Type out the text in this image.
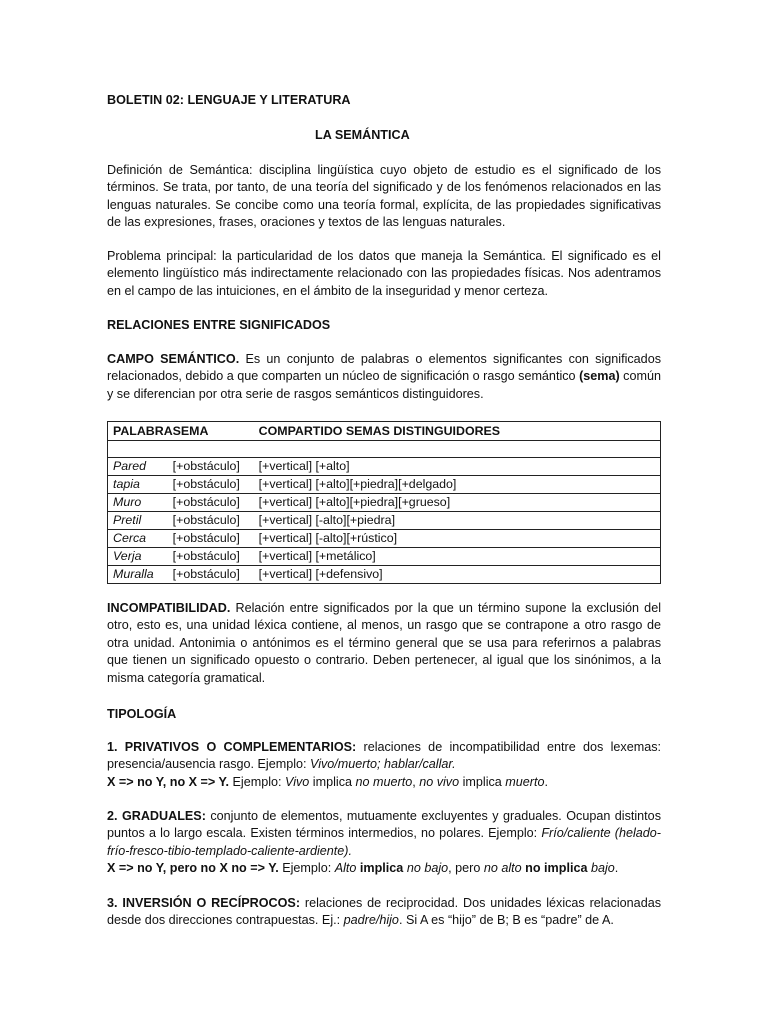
BOLETIN 02: LENGUAJE Y LITERATURA
LA SEMÁNTICA

Definición de Semántica: disciplina lingüística cuyo objeto de estudio es el significado de los términos. Se trata, por tanto, de una teoría del significado y de los fenómenos relacionados en las lenguas naturales. Se concibe como una teoría formal, explícita, de las propiedades significativas de las expresiones, frases, oraciones y textos de las lenguas naturales.

Problema principal: la particularidad de los datos que maneja la Semántica. El significado es el elemento lingüístico más indirectamente relacionado con las propiedades físicas. Nos adentramos en el campo de las intuiciones, en el ámbito de la inseguridad y menor certeza.

RELACIONES ENTRE SIGNIFICADOS

CAMPO SEMÁNTICO. Es un conjunto de palabras o elementos significantes con significados relacionados, debido a que comparten un núcleo de significación o rasgo semántico (sema) común y se diferencian por otra serie de rasgos semánticos distinguidores.

PALABRA	SEMA	COMPARTIDO SEMAS DISTINGUIDORES

Pared	[+obstáculo]	[+vertical] [+alto]
tapia	[+obstáculo]	[+vertical] [+alto][+piedra][+delgado]
Muro	[+obstáculo]	[+vertical] [+alto][+piedra][+grueso]
Pretil	[+obstáculo]	[+vertical] [-alto][+piedra]
Cerca	[+obstáculo]	[+vertical] [-alto][+rústico]
Verja	[+obstáculo]	[+vertical] [+metálico]
Muralla	[+obstáculo]	[+vertical] [+defensivo]

INCOMPATIBILIDAD. Relación entre significados por la que un término supone la exclusión del otro, esto es, una unidad léxica contiene, al menos, un rasgo que se contrapone a otro rasgo de otra unidad. Antonimia o antónimos es el término general que se usa para referirnos a palabras que tienen un significado opuesto o contrario. Deben pertenecer, al igual que los sinónimos, a la misma categoría gramatical.

TIPOLOGÍA

1. PRIVATIVOS O COMPLEMENTARIOS: relaciones de incompatibilidad entre dos lexemas: presencia/ausencia rasgo. Ejemplo: Vivo/muerto; hablar/callar.

X => no Y, no X => Y. Ejemplo: Vivo implica no muerto, no vivo implica muerto.

2. GRADUALES: conjunto de elementos, mutuamente excluyentes y graduales. Ocupan distintos puntos a lo largo escala. Existen términos intermedios, no polares. Ejemplo: Frío/caliente (helado-frío-fresco-tibio-templado-caliente-ardiente).

X => no Y, pero no X no => Y. Ejemplo: Alto implica no bajo, pero no alto no implica bajo.

3. INVERSIÓN O RECÍPROCOS: relaciones de reciprocidad. Dos unidades léxicas relacionadas desde dos direcciones contrapuestas. Ej.: padre/hijo. Si A es “hijo” de B; B es “padre” de A.
